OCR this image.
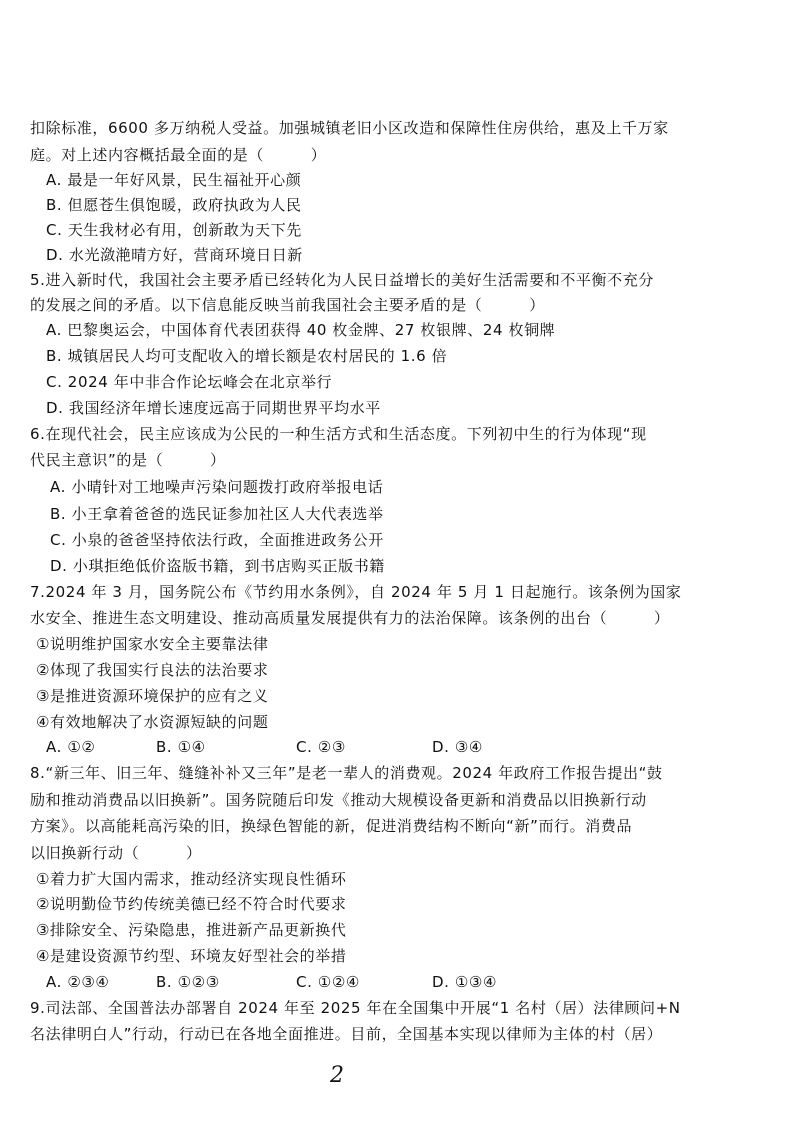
扣除标准，6600 多万纳税人受益。加强城镇老旧小区改造和保障性住房供给，惠及上千万家
庭。对上述内容概括最全面的是（　　　）
A. 最是一年好风景，民生福祉开心颜
B. 但愿苍生俱饱暖，政府执政为人民
C. 天生我材必有用，创新敢为天下先
D. 水光潋滟晴方好，营商环境日日新
5.进入新时代，我国社会主要矛盾已经转化为人民日益增长的美好生活需要和不平衡不充分
的发展之间的矛盾。以下信息能反映当前我国社会主要矛盾的是（　　　）
A. 巴黎奥运会，中国体育代表团获得 40 枚金牌、27 枚银牌、24 枚铜牌
B. 城镇居民人均可支配收入的增长额是农村居民的 1.6 倍
C. 2024 年中非合作论坛峰会在北京举行
D. 我国经济年增长速度远高于同期世界平均水平
6.在现代社会，民主应该成为公民的一种生活方式和生活态度。下列初中生的行为体现“现
代民主意识”的是（　　　）
A. 小晴针对工地噪声污染问题拨打政府举报电话
B. 小王拿着爸爸的选民证参加社区人大代表选举
C. 小泉的爸爸坚持依法行政，全面推进政务公开
D. 小琪拒绝低价盗版书籍，到书店购买正版书籍
7.2024 年 3 月，国务院公布《节约用水条例》，自 2024 年 5 月 1 日起施行。该条例为国家
水安全、推进生态文明建设、推动高质量发展提供有力的法治保障。该条例的出台（　　　）
①说明维护国家水安全主要靠法律
②体现了我国实行良法的法治要求
③是推进资源环境保护的应有之义
④有效地解决了水资源短缺的问题
A. ①②	B. ①④	C. ②③	D. ③④
8.“新三年、旧三年、缝缝补补又三年”是老一辈人的消费观。2024 年政府工作报告提出“鼓
励和推动消费品以旧换新”。国务院随后印发《推动大规模设备更新和消费品以旧换新行动
方案》。以高能耗高污染的旧，换绿色智能的新，促进消费结构不断向“新”而行。消费品
以旧换新行动（　　　）
①着力扩大国内需求，推动经济实现良性循环
②说明勤俭节约传统美德已经不符合时代要求
③排除安全、污染隐患，推进新产品更新换代
④是建设资源节约型、环境友好型社会的举措
A. ②③④	B. ①②③	C. ①②④	D. ①③④
9.司法部、全国普法办部署自 2024 年至 2025 年在全国集中开展“1 名村（居）法律顾问+N
名法律明白人”行动，行动已在各地全面推进。目前，全国基本实现以律师为主体的村（居）
2
